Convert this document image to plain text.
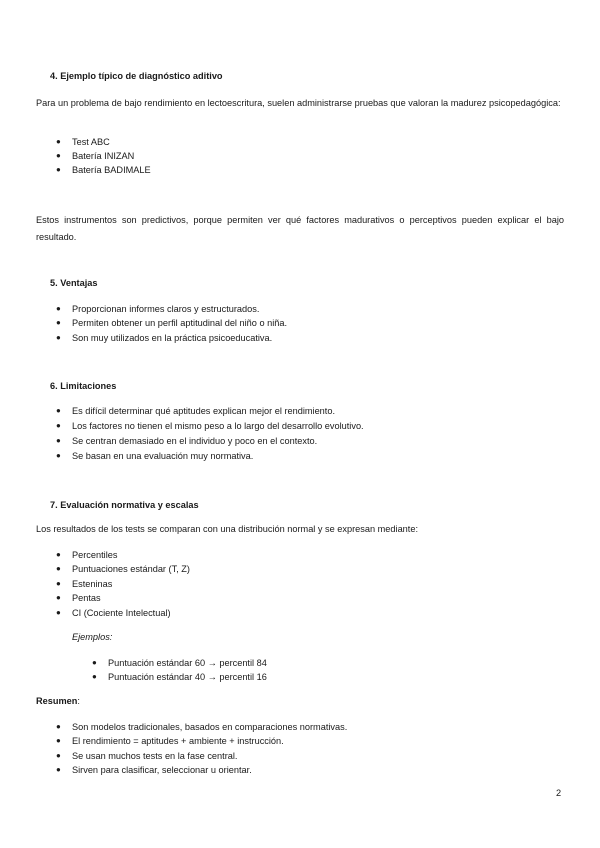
4. Ejemplo típico de diagnóstico aditivo
Para un problema de bajo rendimiento en lectoescritura, suelen administrarse pruebas que valoran la madurez psicopedagógica:
● Test ABC
● Batería INIZAN
● Batería BADIMALE
Estos instrumentos son predictivos, porque permiten ver qué factores madurativos o perceptivos pueden explicar el bajo resultado.
5. Ventajas
● Proporcionan informes claros y estructurados.
● Permiten obtener un perfil aptitudinal del niño o niña.
● Son muy utilizados en la práctica psicoeducativa.
6. Limitaciones
● Es difícil determinar qué aptitudes explican mejor el rendimiento.
● Los factores no tienen el mismo peso a lo largo del desarrollo evolutivo.
● Se centran demasiado en el individuo y poco en el contexto.
● Se basan en una evaluación muy normativa.
7. Evaluación normativa y escalas
Los resultados de los tests se comparan con una distribución normal y se expresan mediante:
● Percentiles
● Puntuaciones estándar (T, Z)
● Esteninas
● Pentas
● CI (Cociente Intelectual)
Ejemplos:
● Puntuación estándar 60 → percentil 84
● Puntuación estándar 40 → percentil 16
Resumen:
● Son modelos tradicionales, basados en comparaciones normativas.
● El rendimiento = aptitudes + ambiente + instrucción.
● Se usan muchos tests en la fase central.
● Sirven para clasificar, seleccionar u orientar.
2
